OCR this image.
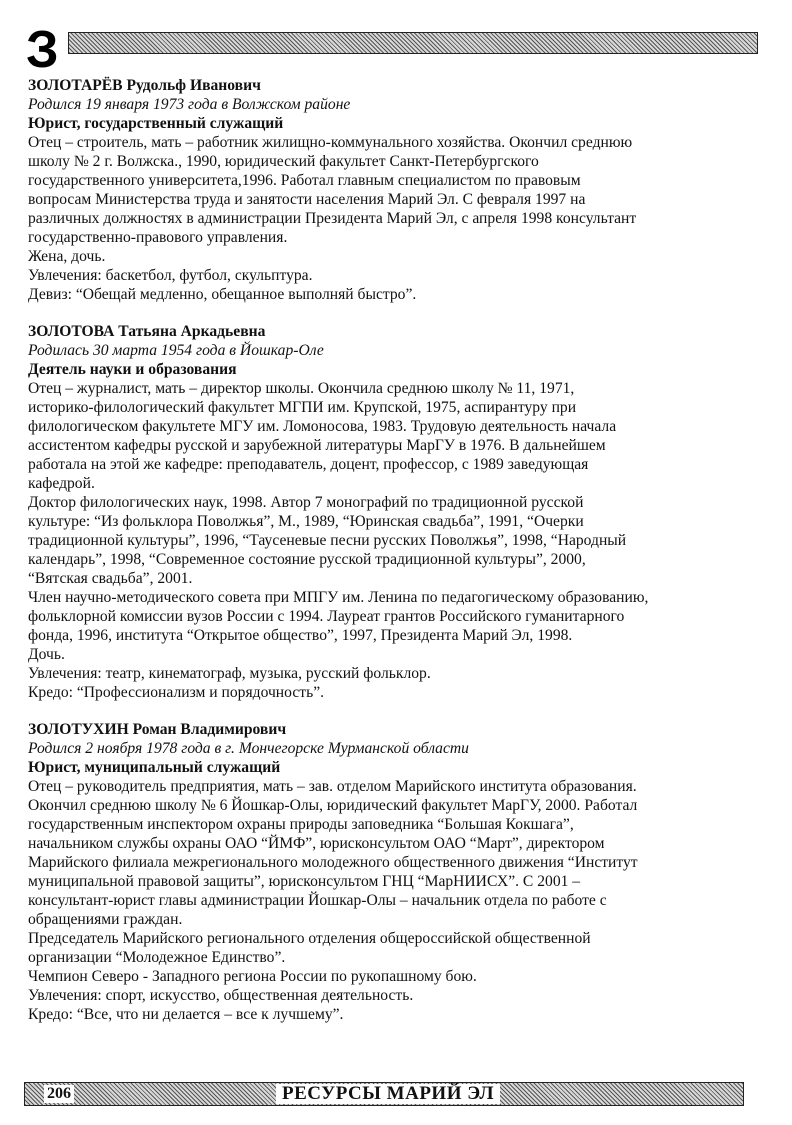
З
ЗОЛОТАРЁВ Рудольф Иванович
Родился 19 января 1973 года в Волжском районе
Юрист, государственный служащий
Отец – строитель, мать – работник жилищно-коммунального хозяйства. Окончил среднюю
школу № 2 г. Волжска., 1990, юридический факультет Санкт-Петербургского
государственного университета,1996. Работал главным специалистом по правовым
вопросам Министерства труда и занятости населения Марий Эл. С февраля 1997 на
различных должностях в администрации Президента Марий Эл, с апреля 1998 консультант
государственно-правового управления.
Жена, дочь.
Увлечения: баскетбол, футбол, скульптура.
Девиз: “Обещай медленно, обещанное выполняй быстро”.
ЗОЛОТОВА Татьяна Аркадьевна
Родилась 30 марта 1954 года в Йошкар-Оле
Деятель науки и образования
Отец – журналист, мать – директор школы. Окончила среднюю школу № 11, 1971,
историко-филологический факультет МГПИ им. Крупской, 1975, аспирантуру при
филологическом факультете МГУ им. Ломоносова, 1983. Трудовую деятельность начала
ассистентом кафедры русской и зарубежной литературы МарГУ в 1976. В дальнейшем
работала на этой же кафедре: преподаватель, доцент, профессор, с 1989 заведующая
кафедрой.
Доктор филологических наук, 1998. Автор 7 монографий по традиционной русской
культуре: “Из фольклора Поволжья”, М., 1989, “Юринская свадьба”, 1991, “Очерки
традиционной культуры”, 1996, “Таусеневые песни русских Поволжья”, 1998, “Народный
календарь”, 1998, “Современное состояние русской традиционной культуры”, 2000,
“Вятская свадьба”, 2001.
Член научно-методического совета при МПГУ им. Ленина по педагогическому образованию,
фольклорной комиссии вузов России с 1994. Лауреат грантов Российского гуманитарного
фонда, 1996, института “Открытое общество”, 1997, Президента Марий Эл, 1998.
Дочь.
Увлечения: театр, кинематограф, музыка, русский фольклор.
Кредо: “Профессионализм и порядочность”.
ЗОЛОТУХИН Роман Владимирович
Родился 2 ноября 1978 года в г. Мончегорске Мурманской области
Юрист, муниципальный служащий
Отец – руководитель предприятия, мать – зав. отделом Марийского института образования.
Окончил среднюю школу № 6 Йошкар-Олы, юридический факультет МарГУ, 2000. Работал
государственным инспектором охраны природы заповедника “Большая Кокшага”,
начальником службы охраны ОАО “ЙМФ”, юрисконсультом ОАО “Март”, директором
Марийского филиала межрегионального молодежного общественного движения “Институт
муниципальной правовой защиты”, юрисконсультом ГНЦ “МарНИИСХ”. С 2001 –
консультант-юрист главы администрации Йошкар-Олы – начальник отдела по работе с
обращениями граждан.
Председатель Марийского регионального отделения общероссийской общественной
организации “Молодежное Единство”.
Чемпион Северо - Западного региона России по рукопашному бою.
Увлечения: спорт, искусство, общественная деятельность.
Кредо: “Все, что ни делается – все к лучшему”.
206	РЕСУРСЫ МАРИЙ ЭЛ
